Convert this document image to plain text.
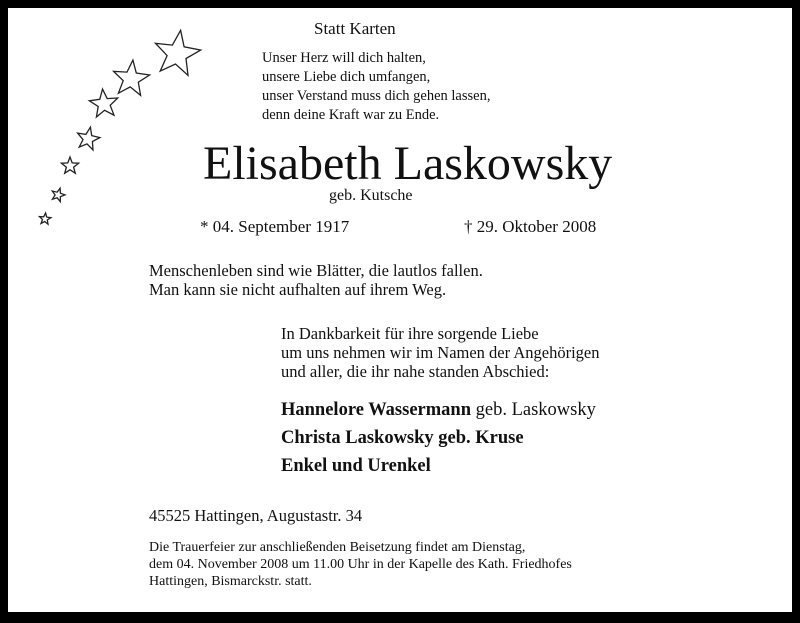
Statt Karten
Unser Herz will dich halten,
unsere Liebe dich umfangen,
unser Verstand muss dich gehen lassen,
denn deine Kraft war zu Ende.
Elisabeth Laskowsky
geb. Kutsche
* 04. September 1917	† 29. Oktober 2008
Menschenleben sind wie Blätter, die lautlos fallen.
Man kann sie nicht aufhalten auf ihrem Weg.
In Dankbarkeit für ihre sorgende Liebe
um uns nehmen wir im Namen der Angehörigen
und aller, die ihr nahe standen Abschied:
Hannelore Wassermann geb. Laskowsky
Christa Laskowsky geb. Kruse
Enkel und Urenkel
45525 Hattingen, Augustastr. 34
Die Trauerfeier zur anschließenden Beisetzung findet am Dienstag,
dem 04. November 2008 um 11.00 Uhr in der Kapelle des Kath. Friedhofes
Hattingen, Bismarckstr. statt.
